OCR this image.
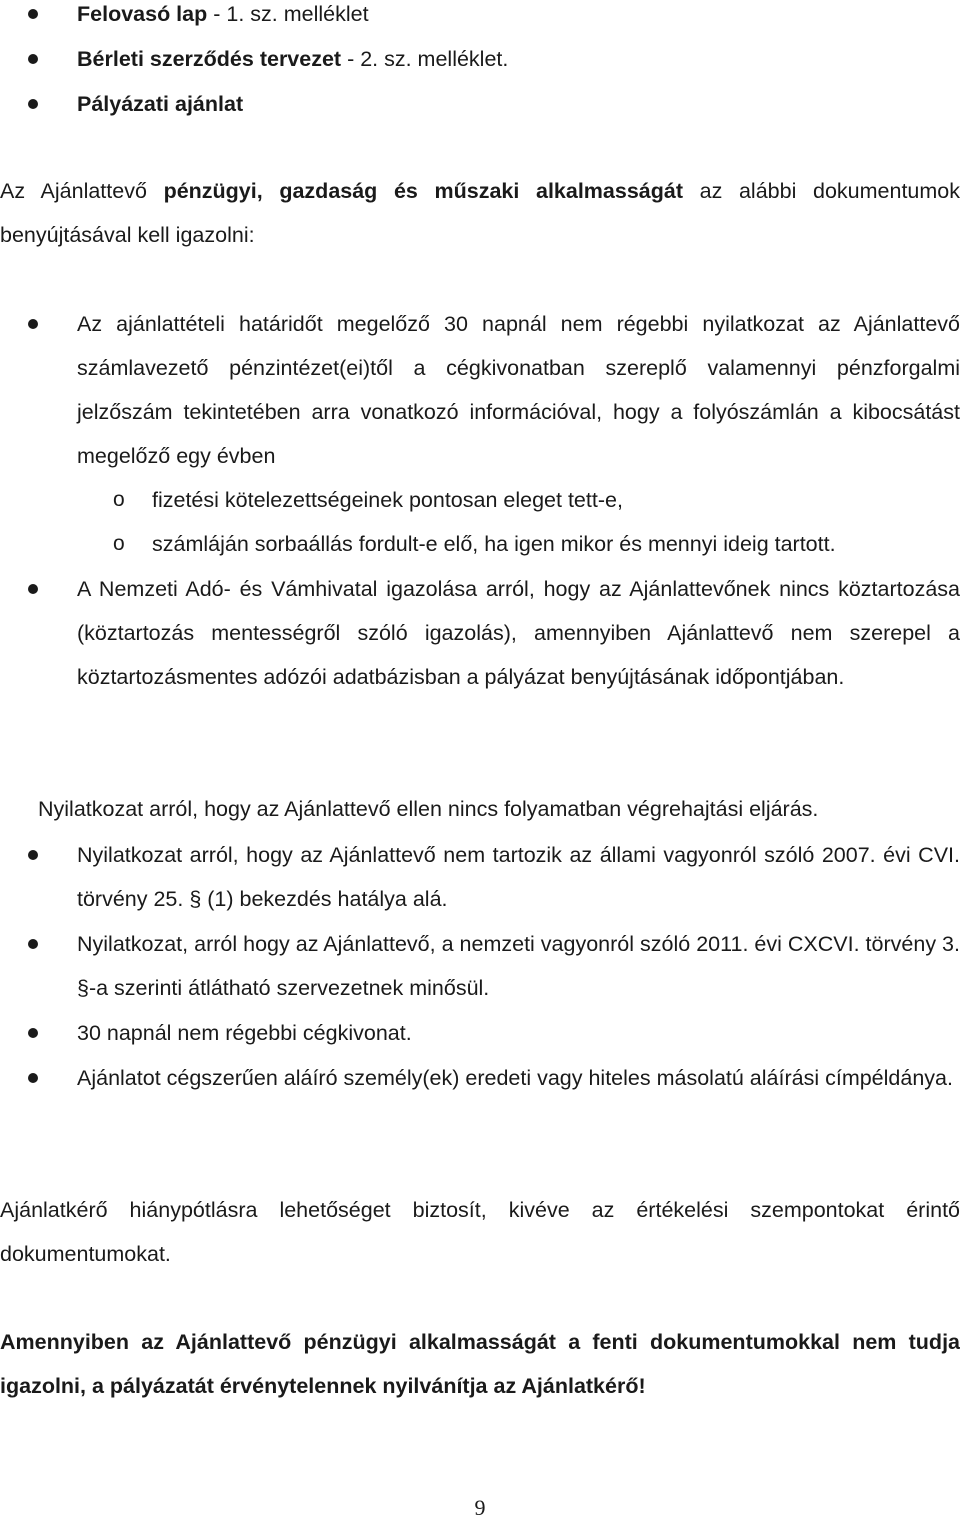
Felovasó lap - 1. sz. melléklet
Bérleti szerződés tervezet - 2. sz. melléklet.
Pályázati ajánlat
Az Ajánlattevő pénzügyi, gazdaság és műszaki alkalmasságát az alábbi dokumentumok benyújtásával kell igazolni:
Az ajánlattételi határidőt megelőző 30 napnál nem régebbi nyilatkozat az Ajánlattevő számlavezető pénzintézet(ei)től a cégkivonatban szereplő valamennyi pénzforgalmi jelzőszám tekintetében arra vonatkozó információval, hogy a folyószámlán a kibocsátást megelőző egy évben
o fizetési kötelezettségeinek pontosan eleget tett-e,
o számláján sorbaállás fordult-e elő, ha igen mikor és mennyi ideig tartott.
A Nemzeti Adó- és Vámhivatal igazolása arról, hogy az Ajánlattevőnek nincs köztartozása (köztartozás mentességről szóló igazolás), amennyiben Ajánlattevő nem szerepel a köztartozásmentes adózói adatbázisban a pályázat benyújtásának időpontjában.
Nyilatkozat arról, hogy az Ajánlattevő ellen nincs folyamatban végrehajtási eljárás.
Nyilatkozat arról, hogy az Ajánlattevő nem tartozik az állami vagyonról szóló 2007. évi CVI. törvény 25. § (1) bekezdés hatálya alá.
Nyilatkozat, arról hogy az Ajánlattevő, a nemzeti vagyonról szóló 2011. évi CXCVI. törvény 3. §-a szerinti átlátható szervezetnek minősül.
30 napnál nem régebbi cégkivonat.
Ajánlatot cégszerűen aláíró személy(ek) eredeti vagy hiteles másolatú aláírási címpéldánya.
Ajánlatkérő hiánypótlásra lehetőséget biztosít, kivéve az értékelési szempontokat érintő dokumentumokat.
Amennyiben az Ajánlattevő pénzügyi alkalmasságát a fenti dokumentumokkal nem tudja igazolni, a pályázatát érvénytelennek nyilvánítja az Ajánlatkérő!
9
